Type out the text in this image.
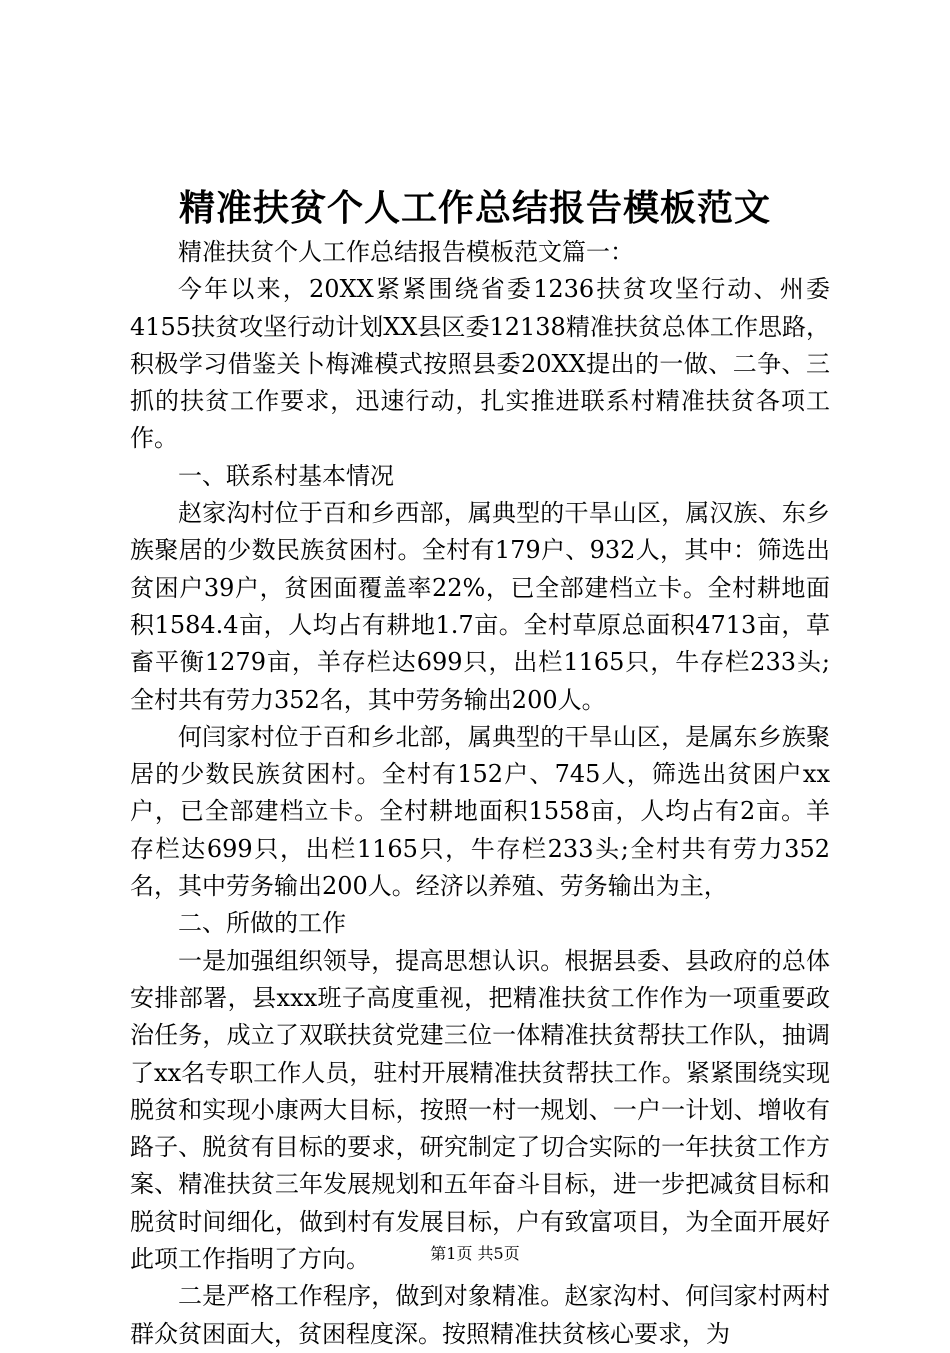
精准扶贫个人工作总结报告模板范文

精准扶贫个人工作总结报告模板范文篇一：

今年以来，20XX紧紧围绕省委1236扶贫攻坚行动、州委4155扶贫攻坚行动计划XX县区委12138精准扶贫总体工作思路，积极学习借鉴关卜梅滩模式按照县委20XX提出的一做、二争、三抓的扶贫工作要求，迅速行动，扎实推进联系村精准扶贫各项工作。

一、联系村基本情况

赵家沟村位于百和乡西部，属典型的干旱山区，属汉族、东乡族聚居的少数民族贫困村。全村有179户、932人，其中：筛选出贫困户39户，贫困面覆盖率22%，已全部建档立卡。全村耕地面积1584.4亩，人均占有耕地1.7亩。全村草原总面积4713亩，草畜平衡1279亩，羊存栏达699只，出栏1165只，牛存栏233头;全村共有劳力352名，其中劳务输出200人。

何闫家村位于百和乡北部，属典型的干旱山区，是属东乡族聚居的少数民族贫困村。全村有152户、745人，筛选出贫困户xx户，已全部建档立卡。全村耕地面积1558亩，人均占有2亩。羊存栏达699只，出栏1165只，牛存栏233头;全村共有劳力352名，其中劳务输出200人。经济以养殖、劳务输出为主，

二、所做的工作

一是加强组织领导，提高思想认识。根据县委、县政府的总体安排部署，县xxx班子高度重视，把精准扶贫工作作为一项重要政治任务，成立了双联扶贫党建三位一体精准扶贫帮扶工作队，抽调了xx名专职工作人员，驻村开展精准扶贫帮扶工作。紧紧围绕实现脱贫和实现小康两大目标，按照一村一规划、一户一计划、增收有路子、脱贫有目标的要求，研究制定了切合实际的一年扶贫工作方案、精准扶贫三年发展规划和五年奋斗目标，进一步把减贫目标和脱贫时间细化，做到村有发展目标，户有致富项目，为全面开展好此项工作指明了方向。

二是严格工作程序，做到对象精准。赵家沟村、何闫家村两村群众贫困面大，贫困程度深。按照精准扶贫核心要求，为

第1页 共5页
